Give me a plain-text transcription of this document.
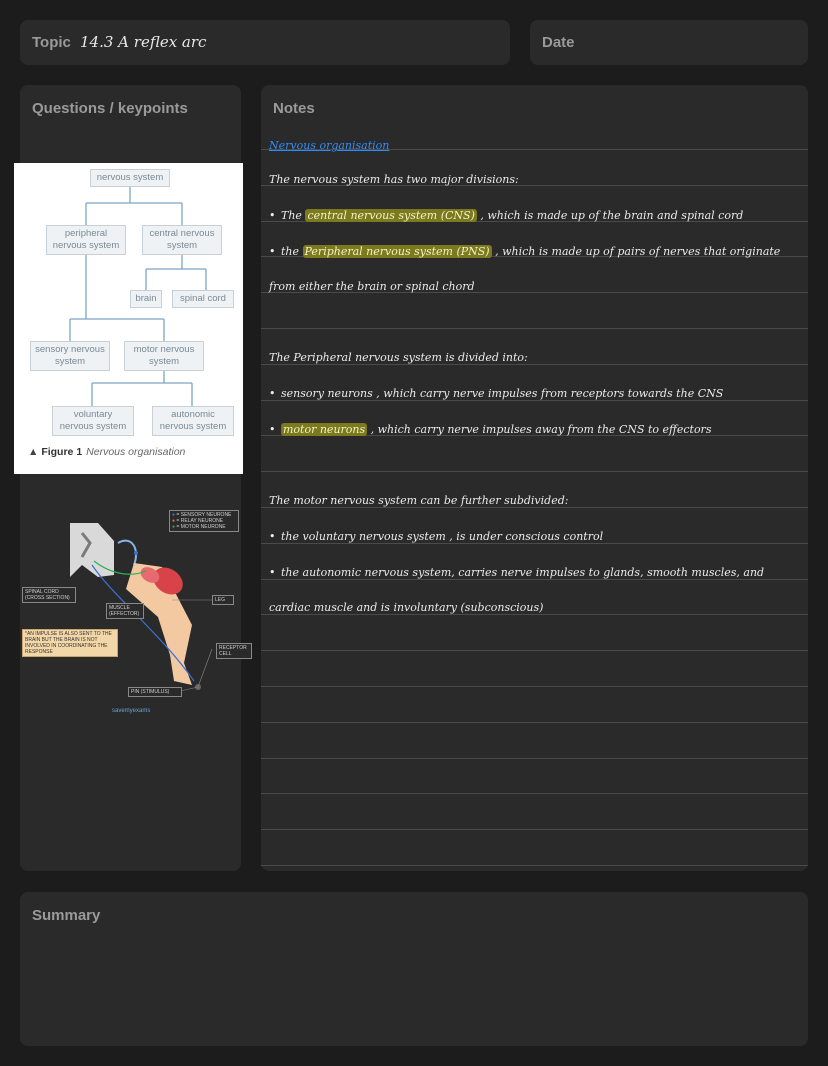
Topic 14.3 A reflex arc	Date
Questions / keypoints
nervous system
peripheral nervous system
central nervous system
brain	spinal cord
sensory nervous system
motor nervous system
voluntary nervous system
autonomic nervous system
▲ Figure 1 Nervous organisation
● = SENSORY NEURONE
● = RELAY NEURONE
● = MOTOR NEURONE
SPINAL CORD (CROSS SECTION)
MUSCLE (EFFECTOR)
LEG
*AN IMPULSE IS ALSO SENT TO THE BRAIN BUT THE BRAIN IS NOT INVOLVED IN COORDINATING THE RESPONSE
RECEPTOR CELL
PIN (STIMULUS)
savemyexams
Notes
Nervous organisation
The nervous system has two major divisions:
• The central nervous system (CNS) , which is made up of the brain and spinal cord
• the Peripheral nervous system (PNS) , which is made up of pairs of nerves that originate
from either the brain or spinal chord
The Peripheral nervous system is divided into:
• sensory neurons , which carry nerve impulses from receptors towards the CNS
• motor neurons , which carry nerve impulses away from the CNS to effectors
The motor nervous system can be further subdivided:
• the voluntary nervous system , is under conscious control
• the autonomic nervous system, carries nerve impulses to glands, smooth muscles, and
cardiac muscle and is involuntary (subconscious)
Summary
